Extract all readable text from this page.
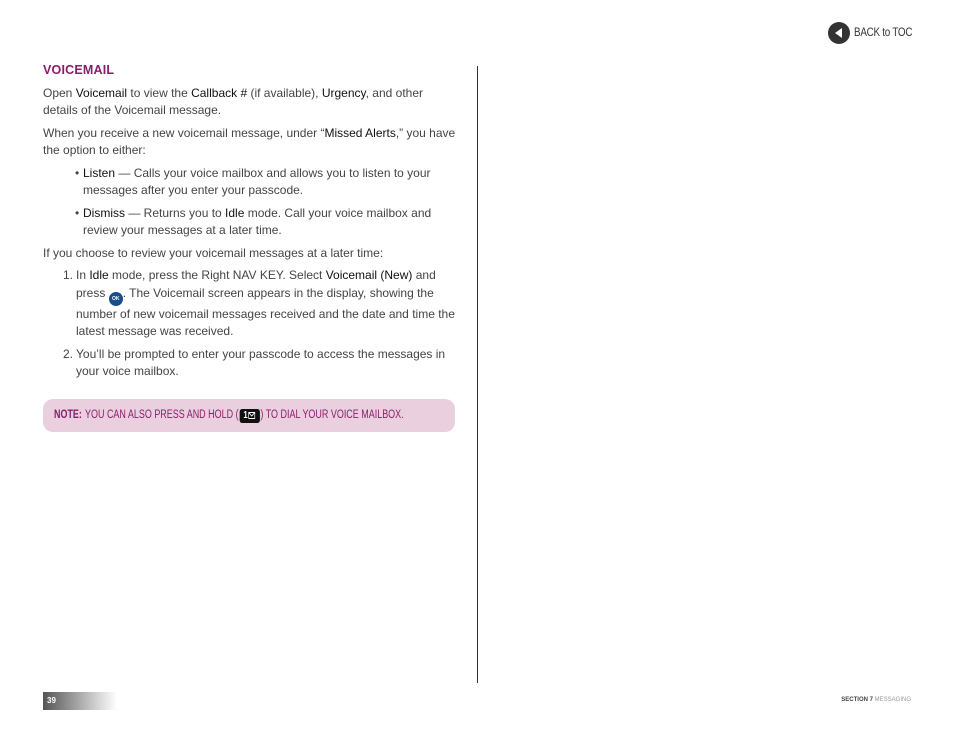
BACK to TOC
VOICEMAIL

Open Voicemail to view the Callback # (if available), Urgency, and other details of the Voicemail message.

When you receive a new voicemail message, under “Missed Alerts,” you have the option to either:

• Listen — Calls your voice mailbox and allows you to listen to your messages after you enter your passcode.
• Dismiss — Returns you to Idle mode. Call your voice mailbox and review your messages at a later time.

If you choose to review your voicemail messages at a later time:

1. In Idle mode, press the Right NAV KEY. Select Voicemail (New) and press OK . The Voicemail screen appears in the display, showing the number of new voicemail messages received and the date and time the latest message was received.
2. You’ll be prompted to enter your passcode to access the messages in your voice mailbox.
NOTE: YOU CAN ALSO PRESS AND HOLD ( 1 ) TO DIAL YOUR VOICE MAILBOX.
39	SECTION 7 MESSAGING
